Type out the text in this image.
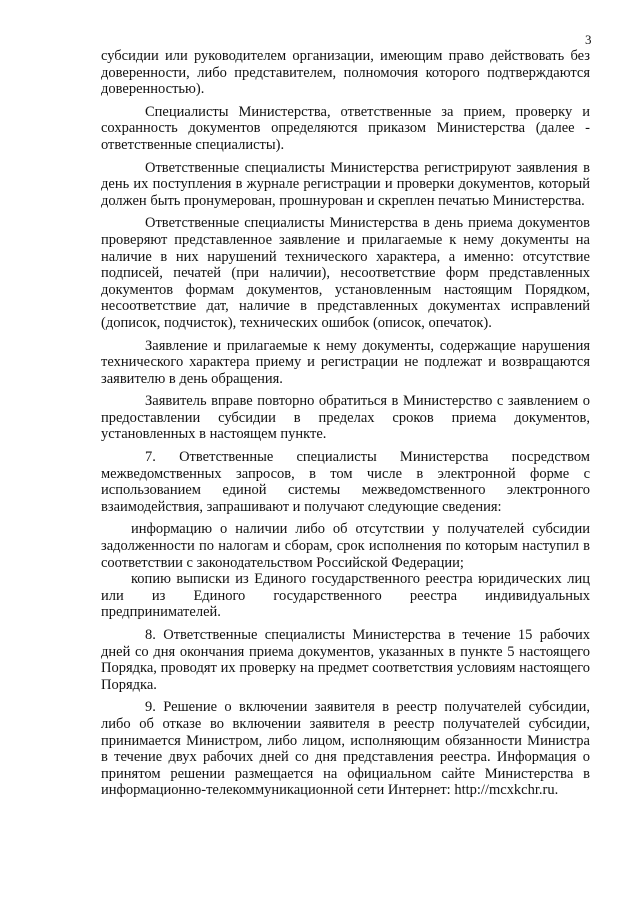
3

субсидии или руководителем организации, имеющим право действовать без доверенности, либо представителем, полномочия которого подтверждаются доверенностью).

Специалисты Министерства, ответственные за прием, проверку и сохранность документов определяются приказом Министерства (далее - ответственные специалисты).

Ответственные специалисты Министерства регистрируют заявления в день их поступления в журнале регистрации и проверки документов, который должен быть пронумерован, прошнурован и скреплен печатью Министерства.

Ответственные специалисты Министерства в день приема документов проверяют представленное заявление и прилагаемые к нему документы на наличие в них нарушений технического характера, а именно: отсутствие подписей, печатей (при наличии), несоответствие форм представленных документов формам документов, установленным настоящим Порядком, несоответствие дат, наличие в представленных документах исправлений (дописок, подчисток), технических ошибок (описок, опечаток).

Заявление и прилагаемые к нему документы, содержащие нарушения технического характера приему и регистрации не подлежат и возвращаются заявителю в день обращения.

Заявитель вправе повторно обратиться в Министерство с заявлением о предоставлении субсидии в пределах сроков приема документов, установленных в настоящем пункте.

7. Ответственные специалисты Министерства посредством межведомственных запросов, в том числе в электронной форме с использованием единой системы межведомственного электронного взаимодействия, запрашивают и получают следующие сведения:

информацию о наличии либо об отсутствии у получателей субсидии задолженности по налогам и сборам, срок исполнения по которым наступил в соответствии с законодательством Российской Федерации;

копию выписки из Единого государственного реестра юридических лиц или из Единого государственного реестра индивидуальных предпринимателей.

8. Ответственные специалисты Министерства в течение 15 рабочих дней со дня окончания приема документов, указанных в пункте 5 настоящего Порядка, проводят их проверку на предмет соответствия условиям настоящего Порядка.

9. Решение о включении заявителя в реестр получателей субсидии, либо об отказе во включении заявителя в реестр получателей субсидии, принимается Министром, либо лицом, исполняющим обязанности Министра в течение двух рабочих дней со дня представления реестра. Информация о принятом решении размещается на официальном сайте Министерства в информационно-телекоммуникационной сети Интернет: http://mcxkchr.ru.
